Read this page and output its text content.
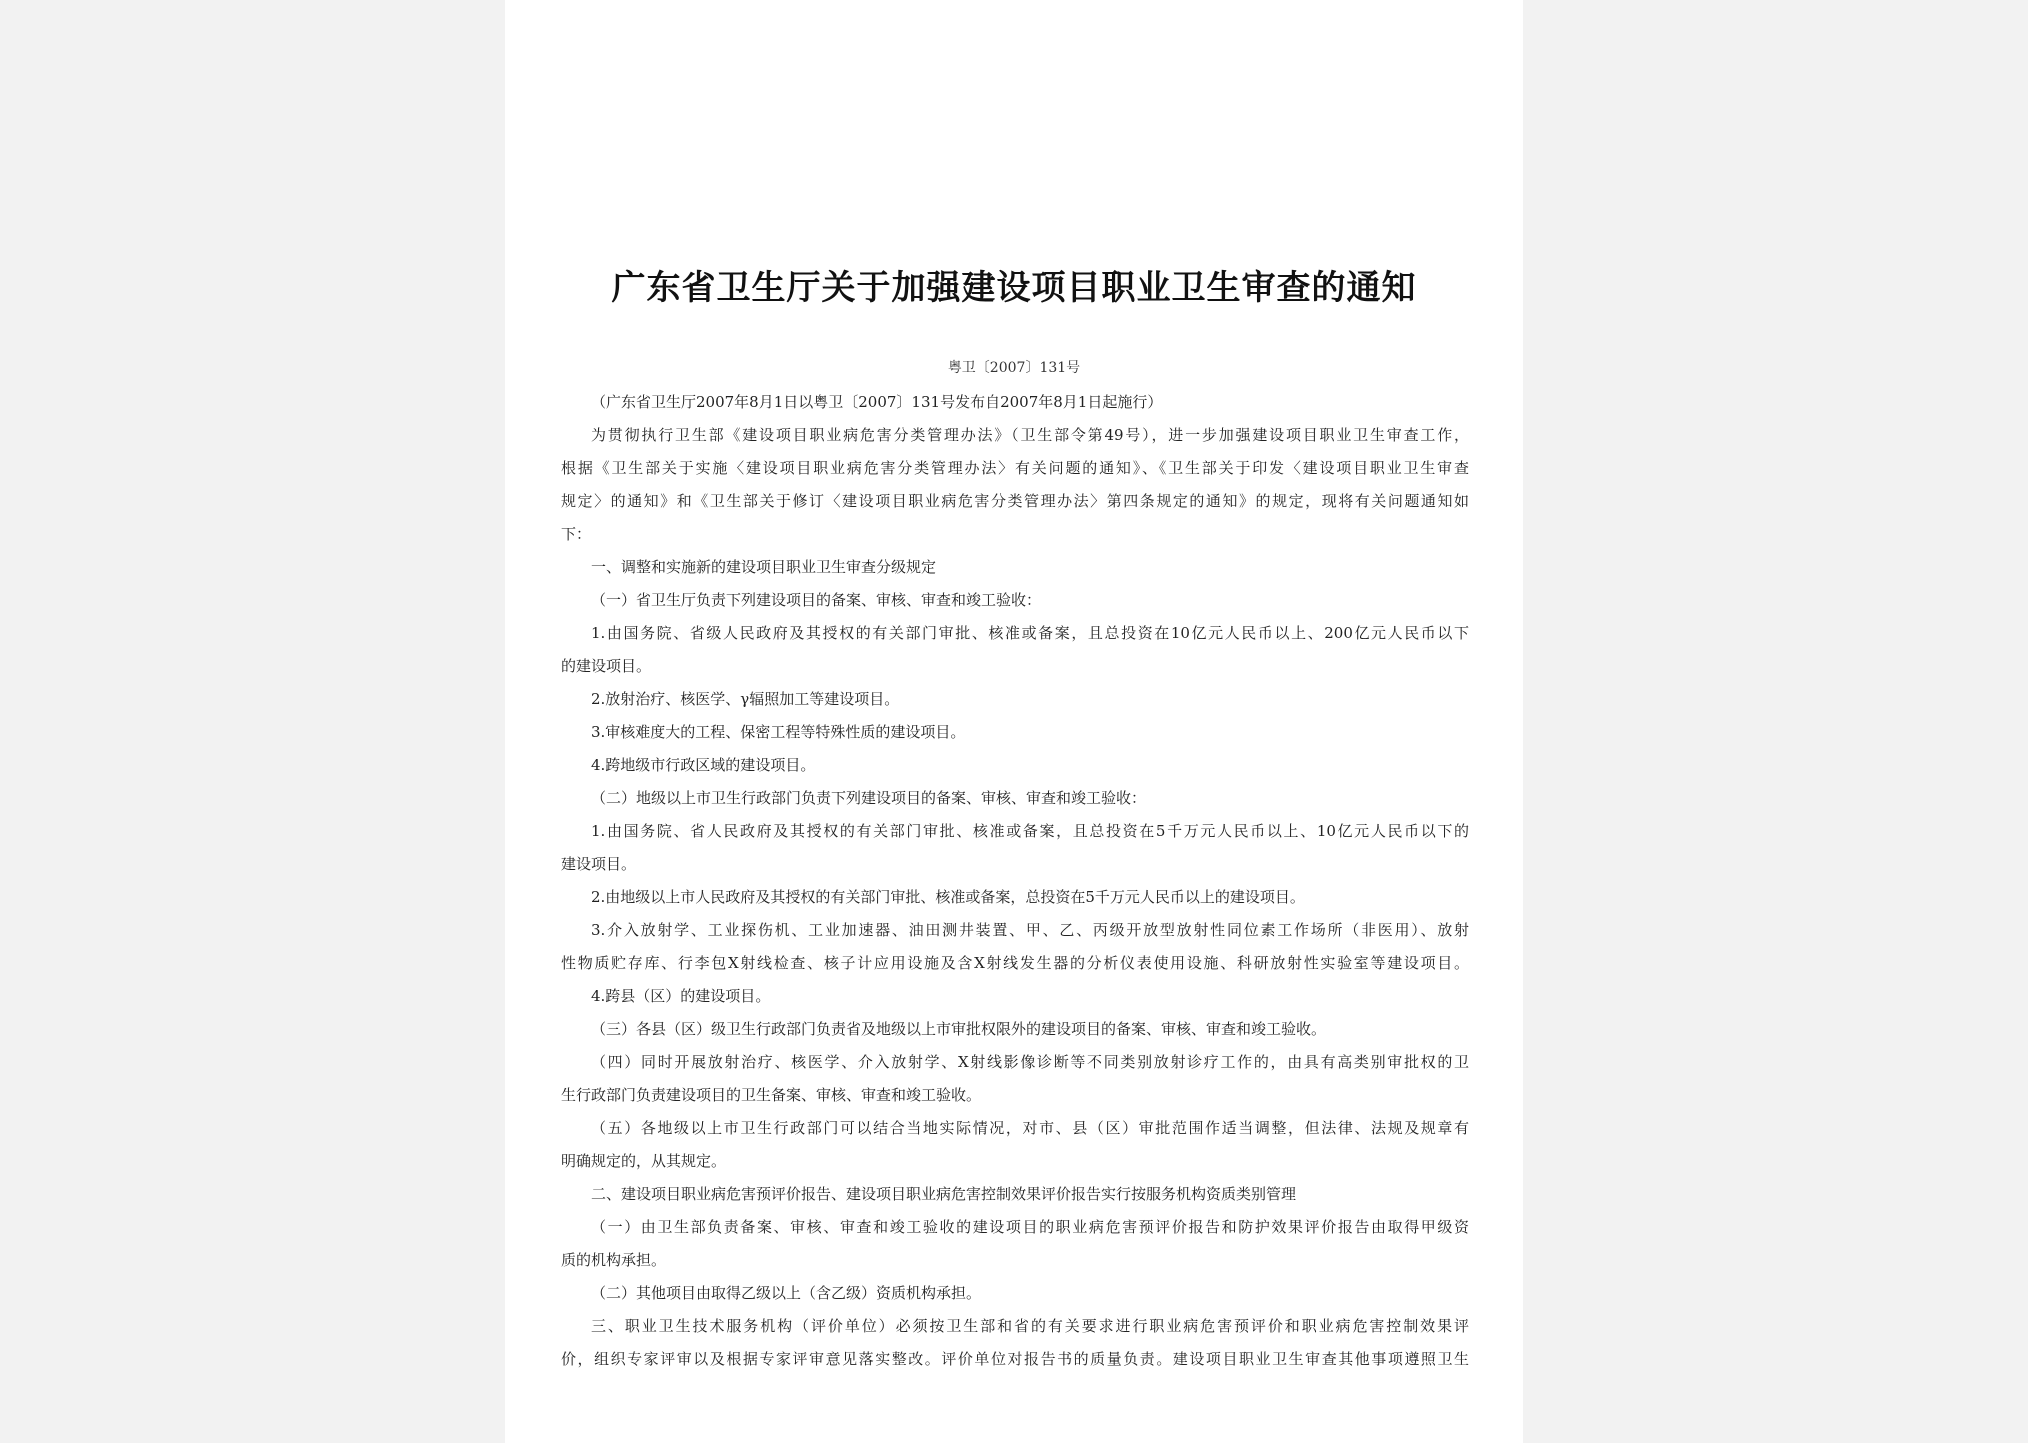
广东省卫生厅关于加强建设项目职业卫生审查的通知
粤卫〔2007〕131号
（广东省卫生厅2007年8月1日以粤卫〔2007〕131号发布自2007年8月1日起施行）
为贯彻执行卫生部《建设项目职业病危害分类管理办法》（卫生部令第49号），进一步加强建设项目职业卫生审查工作，
根据《卫生部关于实施〈建设项目职业病危害分类管理办法〉有关问题的通知》、《卫生部关于印发〈建设项目职业卫生审查
规定〉的通知》和《卫生部关于修订〈建设项目职业病危害分类管理办法〉第四条规定的通知》的规定，现将有关问题通知如
下：
一、调整和实施新的建设项目职业卫生审查分级规定
（一）省卫生厅负责下列建设项目的备案、审核、审查和竣工验收：
1.由国务院、省级人民政府及其授权的有关部门审批、核准或备案，且总投资在10亿元人民币以上、200亿元人民币以下
的建设项目。
2.放射治疗、核医学、γ辐照加工等建设项目。
3.审核难度大的工程、保密工程等特殊性质的建设项目。
4.跨地级市行政区域的建设项目。
（二）地级以上市卫生行政部门负责下列建设项目的备案、审核、审查和竣工验收：
1.由国务院、省人民政府及其授权的有关部门审批、核准或备案，且总投资在5千万元人民币以上、10亿元人民币以下的
建设项目。
2.由地级以上市人民政府及其授权的有关部门审批、核准或备案，总投资在5千万元人民币以上的建设项目。
3.介入放射学、工业探伤机、工业加速器、油田测井装置、甲、乙、丙级开放型放射性同位素工作场所（非医用）、放射
性物质贮存库、行李包X射线检查、核子计应用设施及含X射线发生器的分析仪表使用设施、科研放射性实验室等建设项目。
4.跨县（区）的建设项目。
（三）各县（区）级卫生行政部门负责省及地级以上市审批权限外的建设项目的备案、审核、审查和竣工验收。
（四）同时开展放射治疗、核医学、介入放射学、X射线影像诊断等不同类别放射诊疗工作的，由具有高类别审批权的卫
生行政部门负责建设项目的卫生备案、审核、审查和竣工验收。
（五）各地级以上市卫生行政部门可以结合当地实际情况，对市、县（区）审批范围作适当调整，但法律、法规及规章有
明确规定的，从其规定。
二、建设项目职业病危害预评价报告、建设项目职业病危害控制效果评价报告实行按服务机构资质类别管理
（一）由卫生部负责备案、审核、审查和竣工验收的建设项目的职业病危害预评价报告和防护效果评价报告由取得甲级资
质的机构承担。
（二）其他项目由取得乙级以上（含乙级）资质机构承担。
三、职业卫生技术服务机构（评价单位）必须按卫生部和省的有关要求进行职业病危害预评价和职业病危害控制效果评
价，组织专家评审以及根据专家评审意见落实整改。评价单位对报告书的质量负责。建设项目职业卫生审查其他事项遵照卫生
